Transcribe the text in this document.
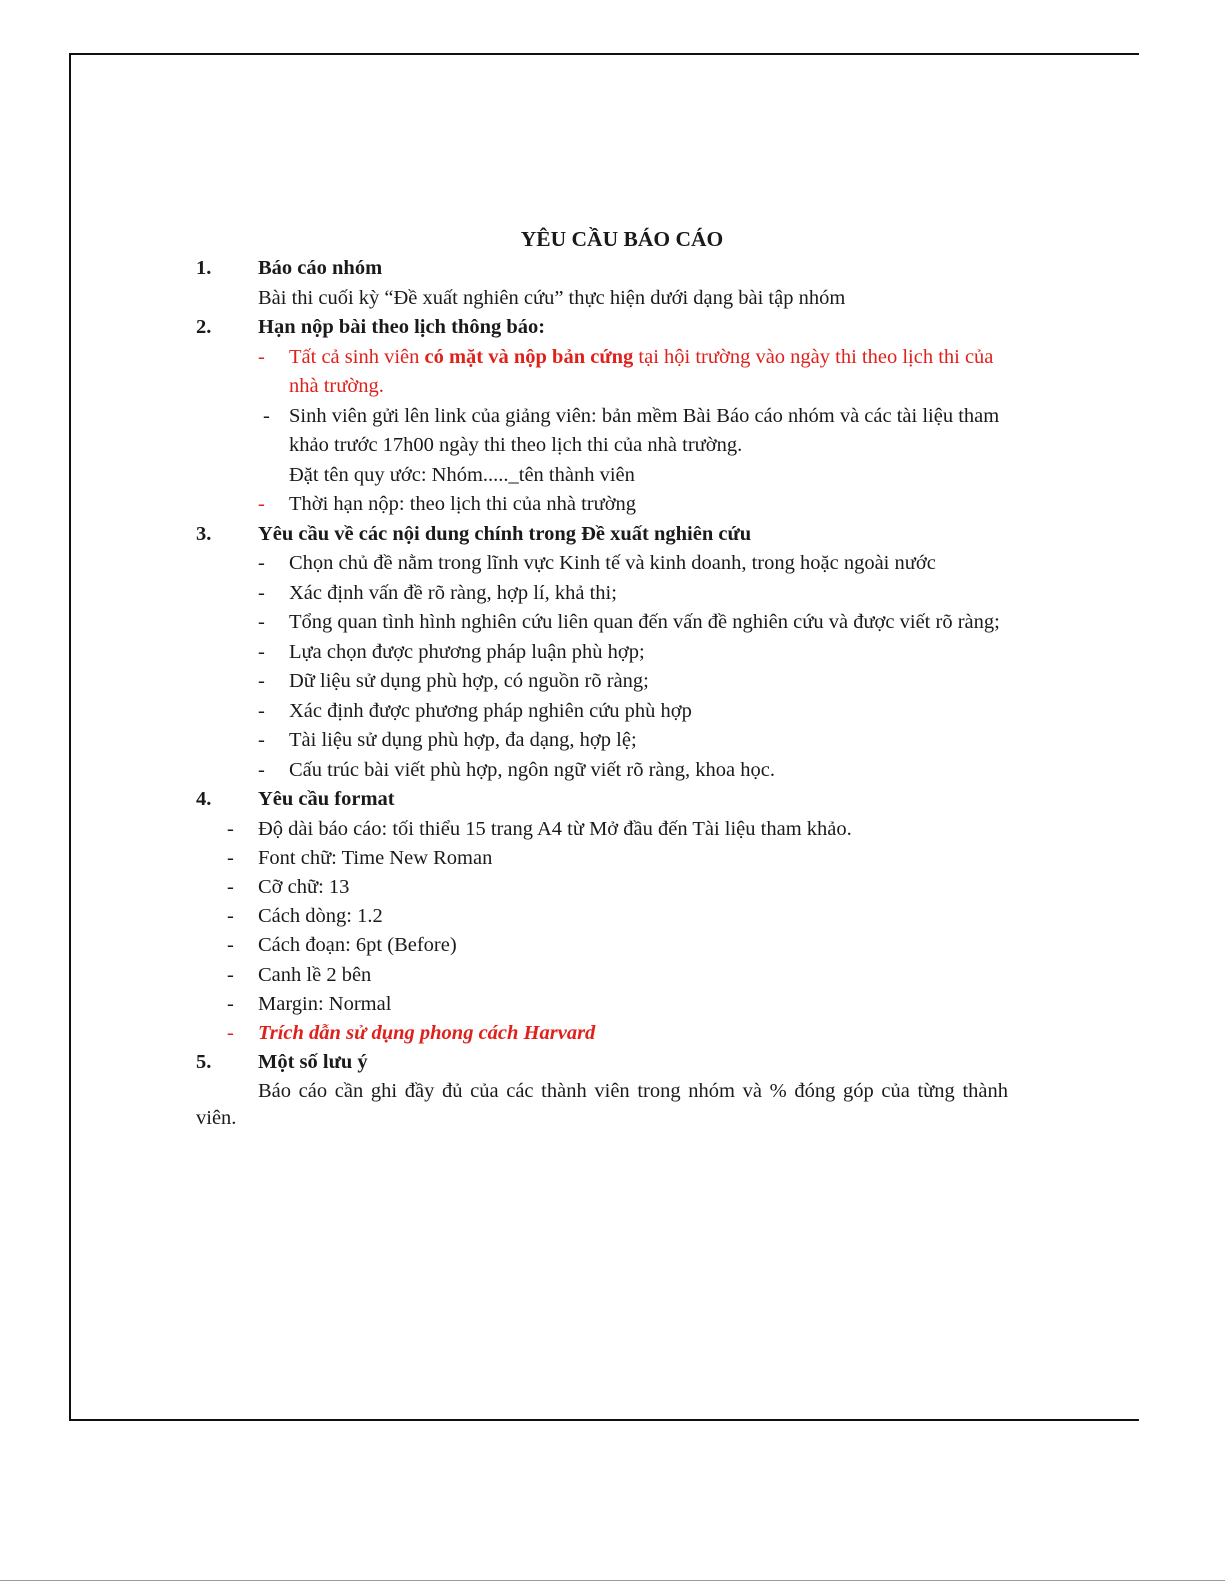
YÊU CẦU BÁO CÁO
1. Báo cáo nhóm
Bài thi cuối kỳ “Đề xuất nghiên cứu” thực hiện dưới dạng bài tập nhóm
2. Hạn nộp bài theo lịch thông báo:
- Tất cả sinh viên có mặt và nộp bản cứng tại hội trường vào ngày thi theo lịch thi của nhà trường.
- Sinh viên gửi lên link của giảng viên: bản mềm Bài Báo cáo nhóm và các tài liệu tham khảo trước 17h00 ngày thi theo lịch thi của nhà trường.
Đặt tên quy ước: Nhóm....._tên thành viên
- Thời hạn nộp: theo lịch thi của nhà trường
3. Yêu cầu về các nội dung chính trong Đề xuất nghiên cứu
- Chọn chủ đề nằm trong lĩnh vực Kinh tế và kinh doanh, trong hoặc ngoài nước
- Xác định vấn đề rõ ràng, hợp lí, khả thi;
- Tổng quan tình hình nghiên cứu liên quan đến vấn đề nghiên cứu và được viết rõ ràng;
- Lựa chọn được phương pháp luận phù hợp;
- Dữ liệu sử dụng phù hợp, có nguồn rõ ràng;
- Xác định được phương pháp nghiên cứu phù hợp
- Tài liệu sử dụng phù hợp, đa dạng, hợp lệ;
- Cấu trúc bài viết phù hợp, ngôn ngữ viết rõ ràng, khoa học.
4. Yêu cầu format
- Độ dài báo cáo: tối thiểu 15 trang A4 từ Mở đầu đến Tài liệu tham khảo.
- Font chữ: Time New Roman
- Cỡ chữ: 13
- Cách dòng: 1.2
- Cách đoạn: 6pt (Before)
- Canh lề 2 bên
- Margin: Normal
- Trích dẫn sử dụng phong cách Harvard
5. Một số lưu ý
Báo cáo cần ghi đầy đủ của các thành viên trong nhóm và % đóng góp của từng thành viên.
